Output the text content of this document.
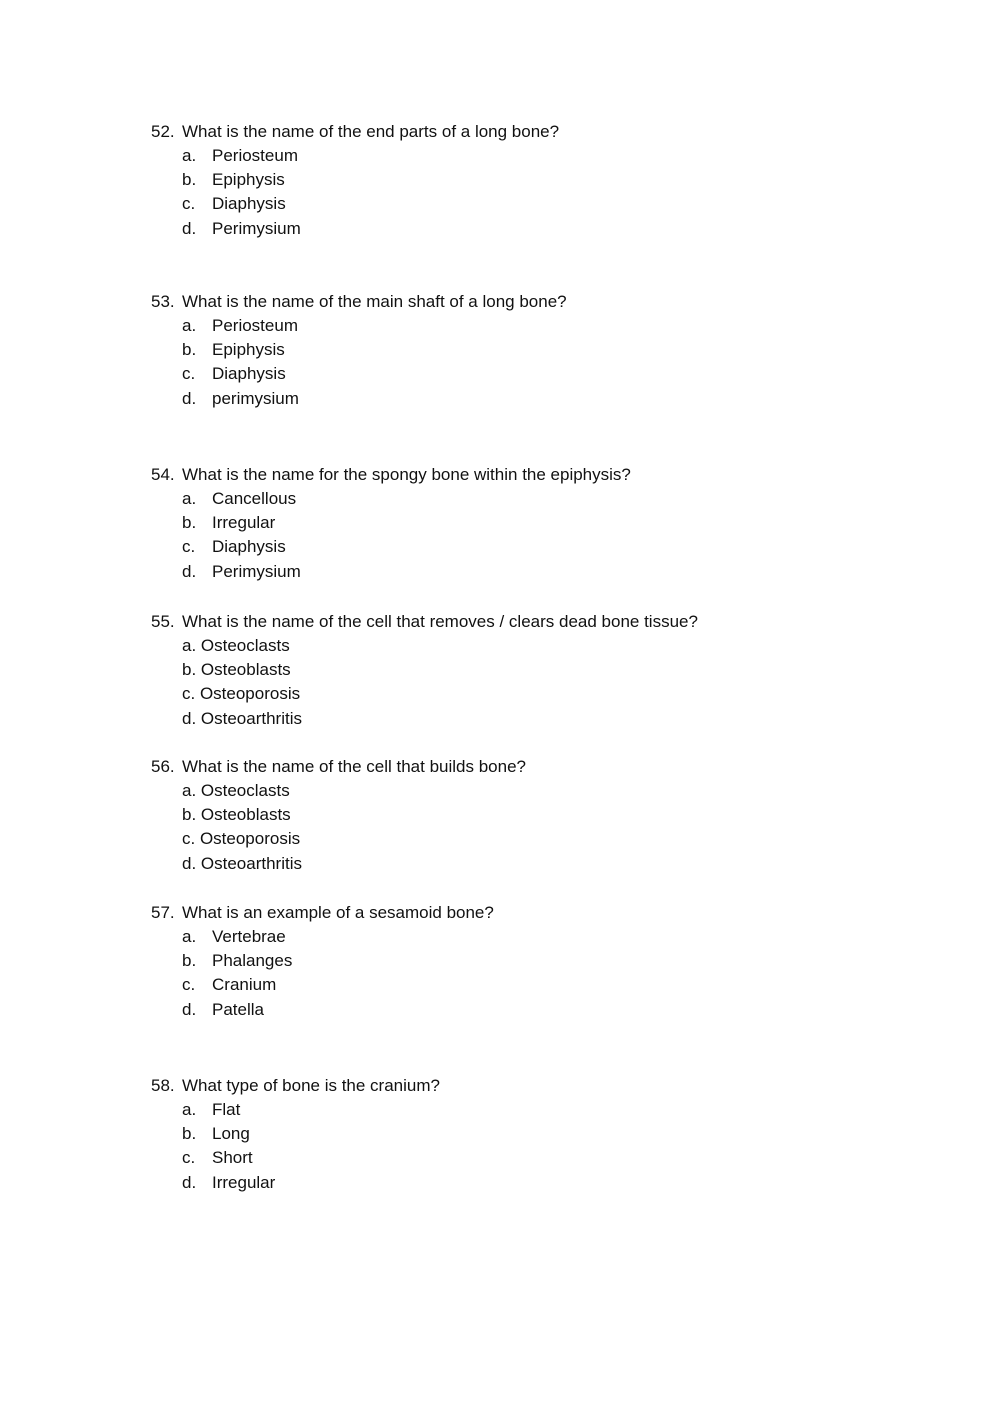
52. What is the name of the end parts of a long bone?
a. Periosteum
b. Epiphysis
c. Diaphysis
d. Perimysium
53. What is the name of the main shaft of a long bone?
a. Periosteum
b. Epiphysis
c. Diaphysis
d. perimysium
54. What is the name for the spongy bone within the epiphysis?
a. Cancellous
b. Irregular
c. Diaphysis
d. Perimysium
55. What is the name of the cell that removes / clears dead bone tissue?
a. Osteoclasts
b. Osteoblasts
c. Osteoporosis
d. Osteoarthritis
56. What is the name of the cell that builds bone?
a. Osteoclasts
b. Osteoblasts
c. Osteoporosis
d. Osteoarthritis
57. What is an example of a sesamoid bone?
a. Vertebrae
b. Phalanges
c. Cranium
d. Patella
58. What type of bone is the cranium?
a. Flat
b. Long
c. Short
d. Irregular
